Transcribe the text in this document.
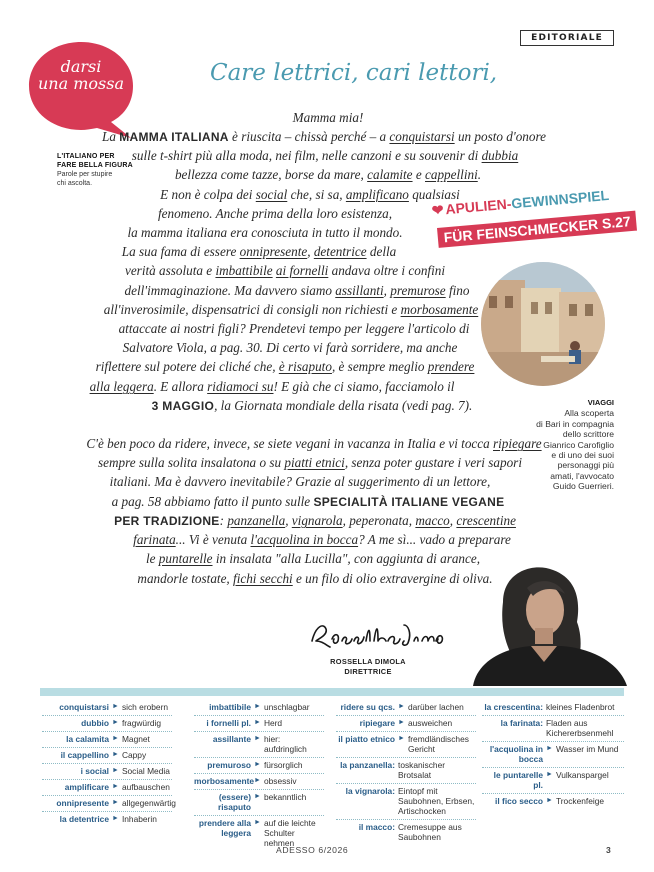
EDITORIALE
darsi
una mossa
L'ITALIANO PER
FARE BELLA FIGURA
Parole per stupire
chi ascolta.
Care lettrici, cari lettori,
Mamma mia!
La MAMMA ITALIANA è riuscita – chissà perché – a conquistarsi un posto d'onore
sulle t-shirt più alla moda, nei film, nelle canzoni e su souvenir di dubbia
bellezza come tazze, borse da mare, calamite e cappellini.
E non è colpa dei social che, si sa, amplificano qualsiasi
fenomeno. Anche prima della loro esistenza,
la mamma italiana era conosciuta in tutto il mondo.
La sua fama di essere onnipresente, detentrice della
verità assoluta e imbattibile ai fornelli andava oltre i confini
dell'immaginazione. Ma davvero siamo assillanti, premurose fino
all'inverosimile, dispensatrici di consigli non richiesti e morbosamente
attaccate ai nostri figli? Prendetevi tempo per leggere l'articolo di
Salvatore Viola, a pag. 30. Di certo vi farà sorridere, ma anche
riflettere sul potere dei cliché che, è risaputo, è sempre meglio prendere
alla leggera. E allora ridiamoci su! E già che ci siamo, facciamolo il
3 MAGGIO, la Giornata mondiale della risata (vedi pag. 7).
C'è ben poco da ridere, invece, se siete vegani in vacanza in Italia e vi tocca ripiegare
sempre sulla solita insalatona o su piatti etnici, senza poter gustare i veri sapori
italiani. Ma è davvero inevitabile? Grazie al suggerimento di un lettore,
a pag. 58 abbiamo fatto il punto sulle SPECIALITÀ ITALIANE VEGANE
PER TRADIZIONE: panzanella, vignarola, peperonata, macco, crescentine
farinata... Vi è venuta l'acquolina in bocca? A me sì... vado a preparare
le puntarelle in insalata "alla Lucilla", con aggiunta di arance,
mandorle tostate, fichi secchi e un filo di olio extravergine di oliva.
❤APULIEN-GEWINNSPIEL
FÜR FEINSCHMECKER S.27
VIAGGI
Alla scoperta
di Bari in compagnia
dello scrittore
Gianrico Carofiglio
e di uno dei suoi
personaggi più
amati, l'avvocato
Guido Guerrieri.
ROSSELLA DIMOLA
DIRETTRICE
conquistarsi ► sich erobern
dubbio ► fragwürdig
la calamita ► Magnet
il cappellino ► Cappy
i social ► Social Media
amplificare ► aufbauschen
onnipresente ► allgegenwärtig
la detentrice ► Inhaberin
imbattibile ► unschlagbar
i fornelli pl. ► Herd
assillante ► hier: aufdringlich
premuroso ► fürsorglich
morbosamente ► obsessiv
(essere) risaputo
► bekanntlich
prendere alla leggera
► auf die leichte Schulter nehmen
ridere su qcs. ► darüber lachen
ripiegare ► ausweichen
il piatto etnico ► fremdländisches Gericht
la panzanella: toskanischer Brotsalat
la vignarola: Eintopf mit Saubohnen, Erbsen, Artischocken
il macco: Cremesuppe aus Saubohnen
la crescentina: kleines Fladenbrot
la farinata: Fladen aus Kichererbsenmehl
l'acquolina in bocca
► Wasser im Mund
le puntarelle pl.
► Vulkanspargel
il fico secco ► Trockenfeige
ADESSO 6/2026	3
